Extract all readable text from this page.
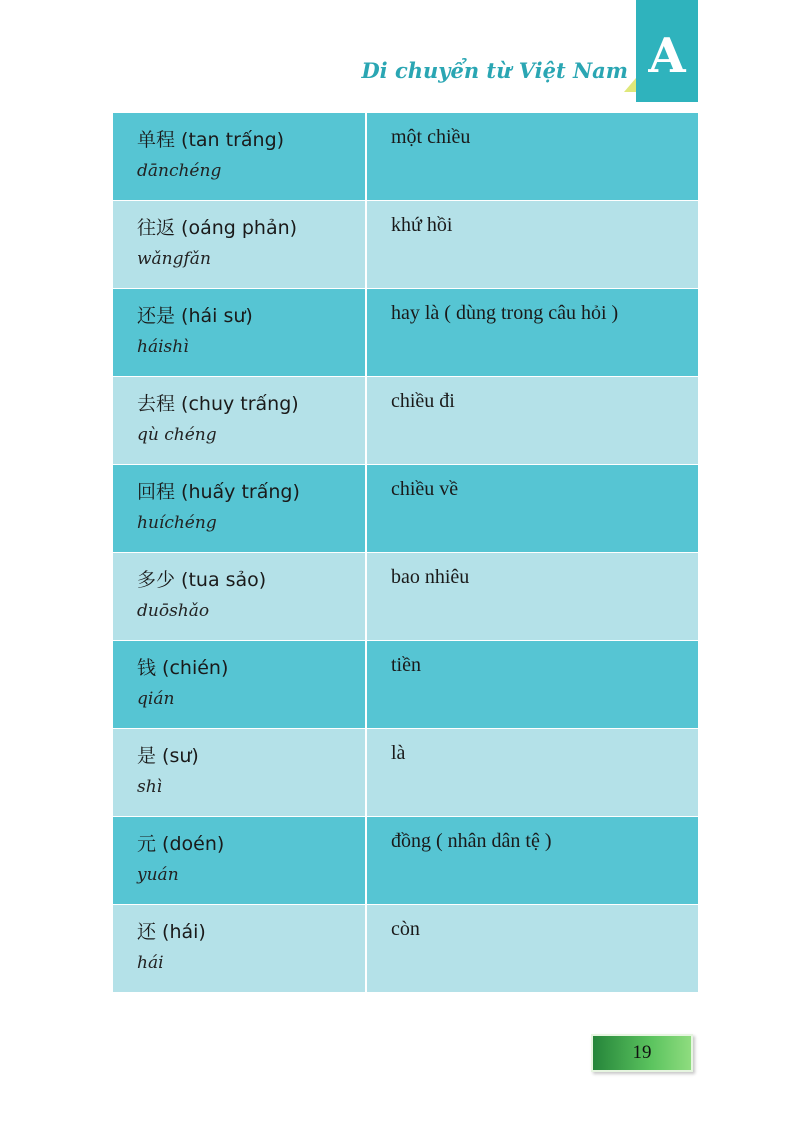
Di chuyển từ Việt Nam A
单程 (tan trấng)
dānchéng	một chiều

往返 (oáng phản)
wǎngfǎn	khứ hồi

还是 (hái sư)
háishì	hay là ( dùng trong câu hỏi )

去程 (chuy trấng)
qù chéng	chiều đi

回程 (huấy trấng)
huíchéng	chiều về

多少 (tua sảo)
duōshǎo	bao nhiêu

钱 (chién)
qián	tiền

是 (sư)
shì	là

元 (doén)
yuán	đồng ( nhân dân tệ )

还 (hái)
hái	còn
19
